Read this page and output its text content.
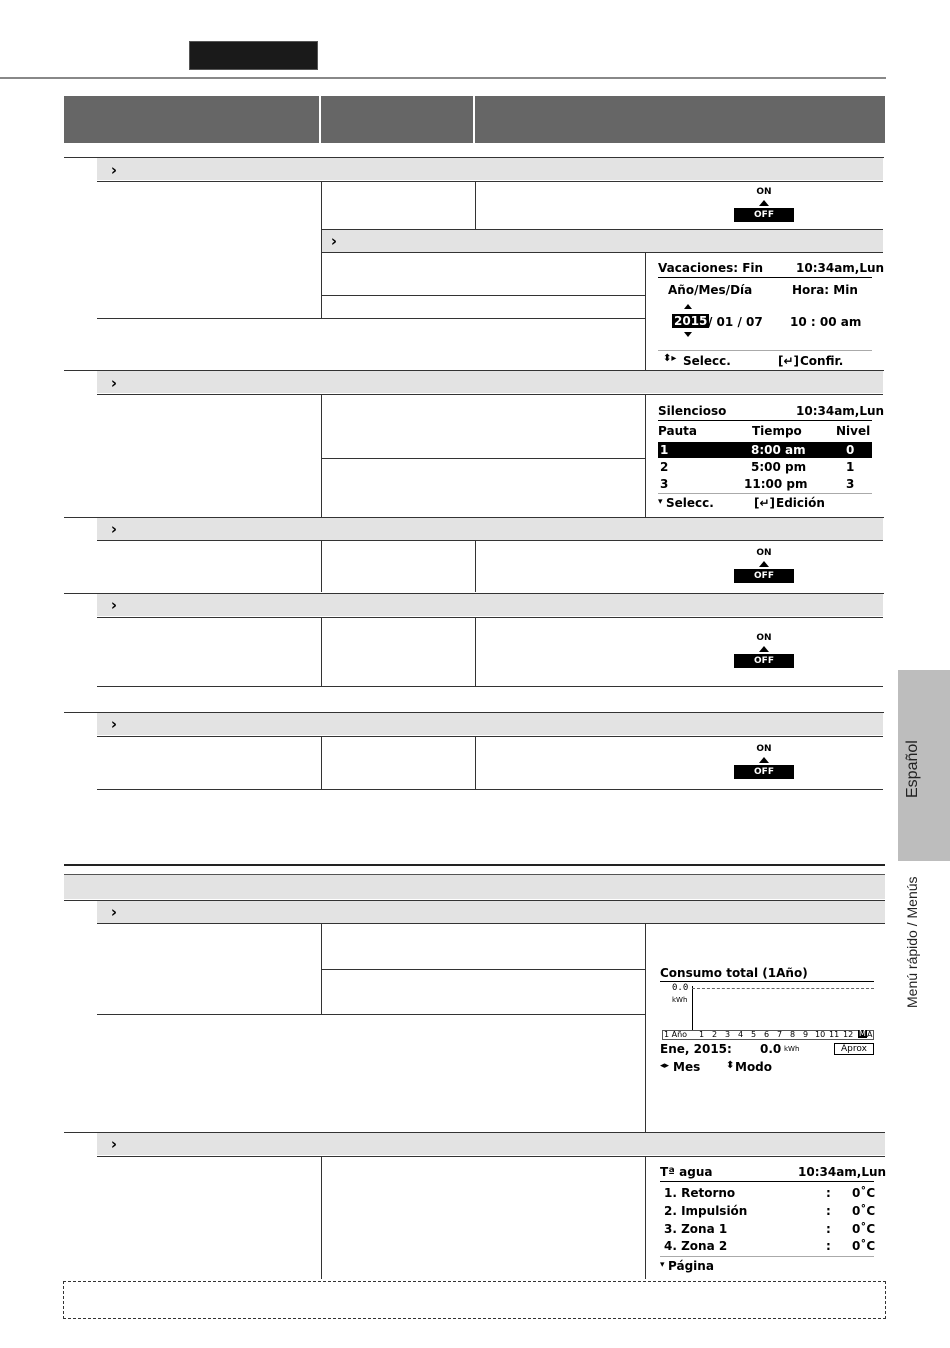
›
ON
OFF
›
Vacaciones: Fin	10:34am,Lun
Año/Mes/Día	Hora: Min
2015 / 01 / 07 10 : 00 am
⬍▸ Selecc.	[↵] Confir.
›
Silencioso	10:34am,Lun
Pauta	Tiempo	Nivel
1	8:00 am	0
2	5:00 pm	1
3	11:00 pm	3
▾ Selecc.	[↵] Edición
›
ON
OFF
›
ON
OFF
›
ON
OFF
›
Consumo total (1Año)
0.0
kWh
1 Año 1 2 3 4 5 6 7 8 9 10 11 12 M A
Ene, 2015: 0.0 kWh	Aprox
◂▸ Mes	⬍ Modo
›
Tª agua	10:34am,Lun
1. Retorno	: 0˚C
2. Impulsión	: 0˚C
3. Zona 1	: 0˚C
4. Zona 2	: 0˚C
▾ Página
Español
Menú rápido / Menús
